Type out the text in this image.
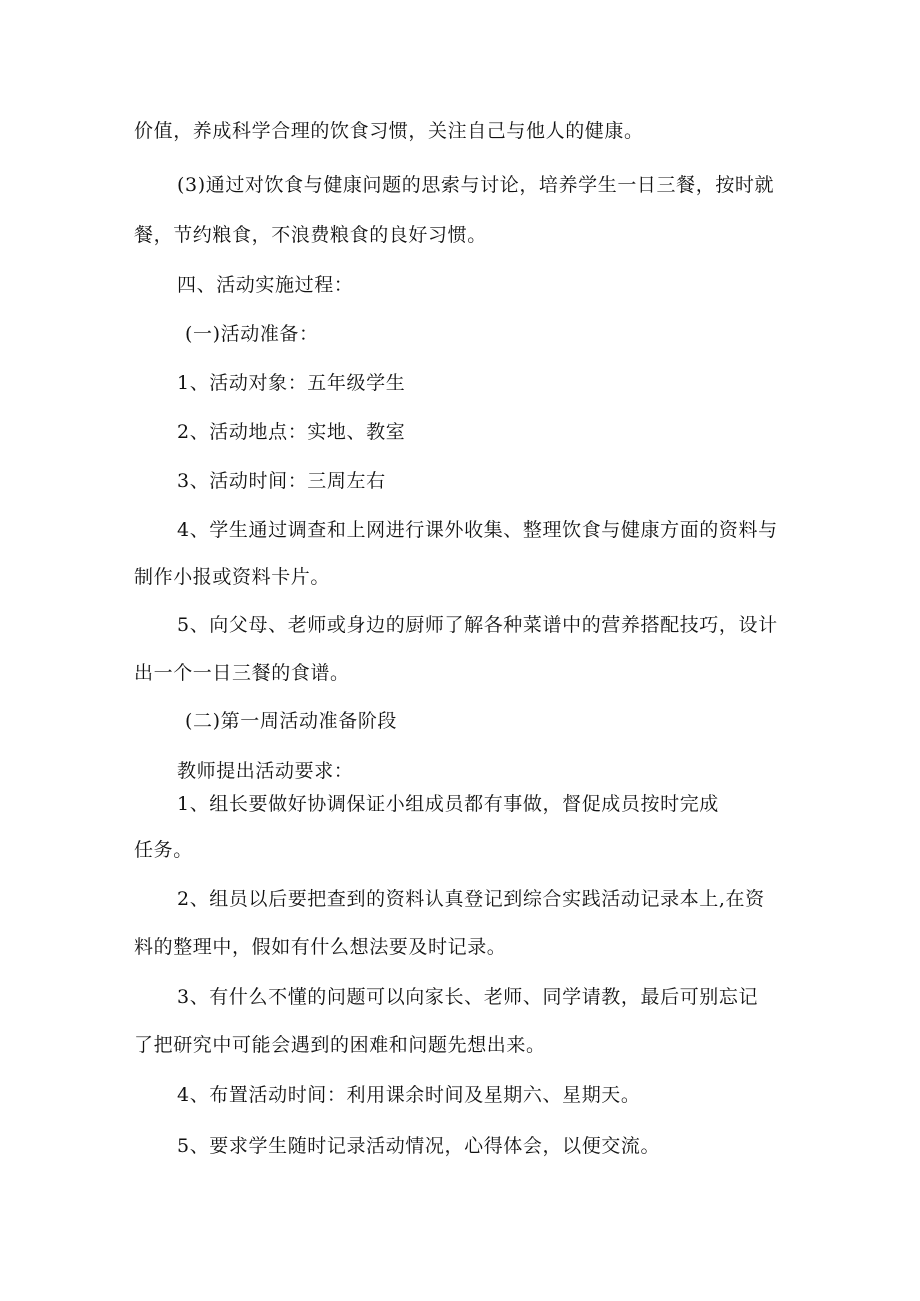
价值，养成科学合理的饮食习惯，关注自己与他人的健康。
(3)通过对饮食与健康问题的思索与讨论，培养学生一日三餐，按时就
餐，节约粮食，不浪费粮食的良好习惯。
四、活动实施过程：
(一)活动准备：
1、活动对象：五年级学生
2、活动地点：实地、教室
3、活动时间：三周左右
4、学生通过调查和上网进行课外收集、整理饮食与健康方面的资料与
制作小报或资料卡片。
5、向父母、老师或身边的厨师了解各种菜谱中的营养搭配技巧，设计
出一个一日三餐的食谱。
(二)第一周活动准备阶段
教师提出活动要求：
1、组长要做好协调保证小组成员都有事做，督促成员按时完成
任务。
2、组员以后要把查到的资料认真登记到综合实践活动记录本上,在资
料的整理中，假如有什么想法要及时记录。
3、有什么不懂的问题可以向家长、老师、同学请教，最后可别忘记
了把研究中可能会遇到的困难和问题先想出来。
4、布置活动时间：利用课余时间及星期六、星期天。
5、要求学生随时记录活动情况，心得体会，以便交流。
